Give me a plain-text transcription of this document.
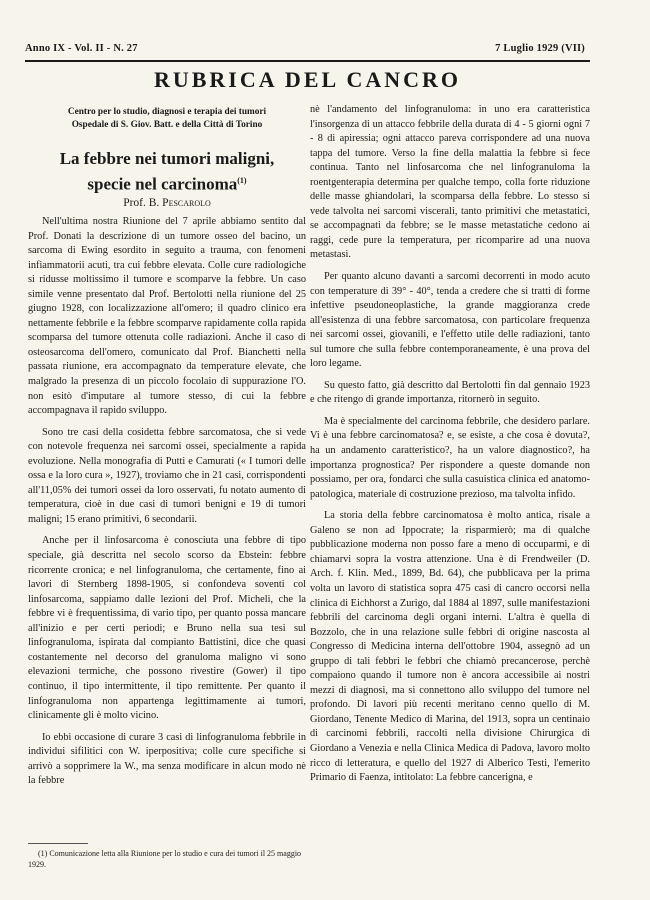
Anno IX - Vol. II - N. 27	7 Luglio 1929 (VII)
RUBRICA DEL CANCRO
Centro per lo studio, diagnosi e terapia dei tumori
Ospedale di S. Giov. Batt. e della Città di Torino
La febbre nei tumori maligni,
specie nel carcinoma$^{(1)}$
Prof. B. Pescarolo

Nell'ultima nostra Riunione del 7 aprile abbiamo sentito dal Prof. Donati la descrizione di un tumore osseo del bacino, un sarcoma di Ewing esordito in seguito a trauma, con fenomeni infiammatorii acuti, tra cui febbre elevata. Colle cure radiologiche si ridusse moltissimo il tumore e scomparve la febbre. Un caso simile venne presentato dal Prof. Bertolotti nella riunione del 25 giugno 1928, con localizzazione all'omero; il quadro clinico era nettamente febbrile e la febbre scomparve rapidamente colla rapida scomparsa del tumore ottenuta colle radiazioni. Anche il caso di osteosarcoma dell'omero, comunicato dal Prof. Bianchetti nella passata riunione, era accompagnato da temperature elevate, che malgrado la presenza di un piccolo focolaio di suppurazione l'O. non esitò d'imputare al tumore stesso, di cui la febbre accompagnava il rapido sviluppo.

Sono tre casi della cosidetta febbre sarcomatosa, che si vede con notevole frequenza nei sarcomi ossei, specialmente a rapida evoluzione. Nella monografia di Putti e Camurati (« I tumori delle ossa e la loro cura », 1927), troviamo che in 21 casi, corrispondenti all'11,05% dei tumori ossei da loro osservati, fu notato aumento di temperatura, cioè in due casi di tumori benigni e 19 di tumori maligni; 15 erano primitivi, 6 secondarii.

Anche per il linfosarcoma è conosciuta una febbre di tipo speciale, già descritta nel secolo scorso da Ebstein: febbre ricorrente cronica; e nel linfogranuloma, che certamente, fino ai lavori di Sternberg 1898-1905, si confondeva soventi col linfosarcoma, sappiamo dalle lezioni del Prof. Micheli, che la febbre vi è frequentissima, di vario tipo, per quanto possa mancare all'inizio e per certi periodi; e Bruno nella sua tesi sul linfogranuloma, ispirata dal compianto Battistini, dice che quasi costantemente nel decorso del granuloma maligno vi sono elevazioni termiche, che possono rivestire (Gower) il tipo continuo, il tipo intermittente, il tipo remittente. Per quanto il linfogranuloma non appartenga legittimamente ai tumori, clinicamente gli è molto vicino.

Io ebbi occasione di curare 3 casi di linfogranuloma febbrile in individui sifilitici con W. iperpositiva; colle cure specifiche si arrivò a sopprimere la W., ma senza modificare in alcun modo nè la febbre

nè l'andamento del linfogranuloma: in uno era caratteristica l'insorgenza di un attacco febbrile della durata di 4 - 5 giorni ogni 7 - 8 di apiressia; ogni attacco pareva corrispondere ad una nuova tappa del tumore. Verso la fine della malattia la febbre si fece continua. Tanto nel linfosarcoma che nel linfogranuloma la roentgenterapia determina per qualche tempo, colla forte riduzione delle masse ghiandolari, la scomparsa della febbre. Lo stesso si vede talvolta nei sarcomi viscerali, tanto primitivi che metastatici, se accompagnati da febbre; se le masse metastatiche cedono ai raggi, cede pure la temperatura, per ricomparire ad una nuova metastasi.

Per quanto alcuno davanti a sarcomi decorrenti in modo acuto con temperature di 39° - 40°, tenda a credere che si tratti di forme infettive pseudoneoplastiche, la grande maggioranza crede all'esistenza di una febbre sarcomatosa, con particolare frequenza nei sarcomi ossei, giovanili, e l'effetto utile delle radiazioni, tanto sul tumore che sulla febbre contemporaneamente, è una prova del loro legame.

Su questo fatto, già descritto dal Bertolotti fin dal gennaio 1923 e che ritengo di grande importanza, ritornerò in seguito.

Ma è specialmente del carcinoma febbrile, che desidero parlare. Vi è una febbre carcinomatosa? e, se esiste, a che cosa è dovuta?, ha un andamento caratteristico?, ha un valore diagnostico?, ha importanza prognostica? Per rispondere a queste domande non possiamo, per ora, fondarci che sulla casuistica clinica ed anatomo-patologica, materiale di costruzione prezioso, ma talvolta infido.

La storia della febbre carcinomatosa è molto antica, risale a Galeno se non ad Ippocrate; la risparmierò; ma di qualche pubblicazione moderna non posso fare a meno di occuparmi, e di chiamarvi sopra la vostra attenzione. Una è di Frendweiler (D. Arch. f. Klin. Med., 1899, Bd. 64), che pubblicava per la prima volta un lavoro di statistica sopra 475 casi di cancro occorsi nella clinica di Eichhorst a Zurigo, dal 1884 al 1897, sulle manifestazioni febbrili del carcinoma degli organi interni. L'altra è quella di Bozzolo, che in una relazione sulle febbri di origine nascosta al Congresso di Medicina interna dell'ottobre 1904, assegnò ad un gruppo di tali febbri le febbri che chiamò precancerose, perchè compaiono quando il tumore non è ancora accessibile ai nostri mezzi di diagnosi, ma si connettono allo sviluppo del tumore nel profondo. Di lavori più recenti meritano cenno quello di M. Giordano, Tenente Medico di Marina, del 1913, sopra un centinaio di carcinomi febbrili, raccolti nella divisione Chirurgica di Giordano a Venezia e nella Clinica Medica di Padova, lavoro molto ricco di letteratura, e quello del 1927 di Alberico Testi, l'emerito Primario di Faenza, intitolato: La febbre cancerigna, e

(1) Comunicazione letta alla Riunione per lo studio e cura dei tumori il 25 maggio 1929.
